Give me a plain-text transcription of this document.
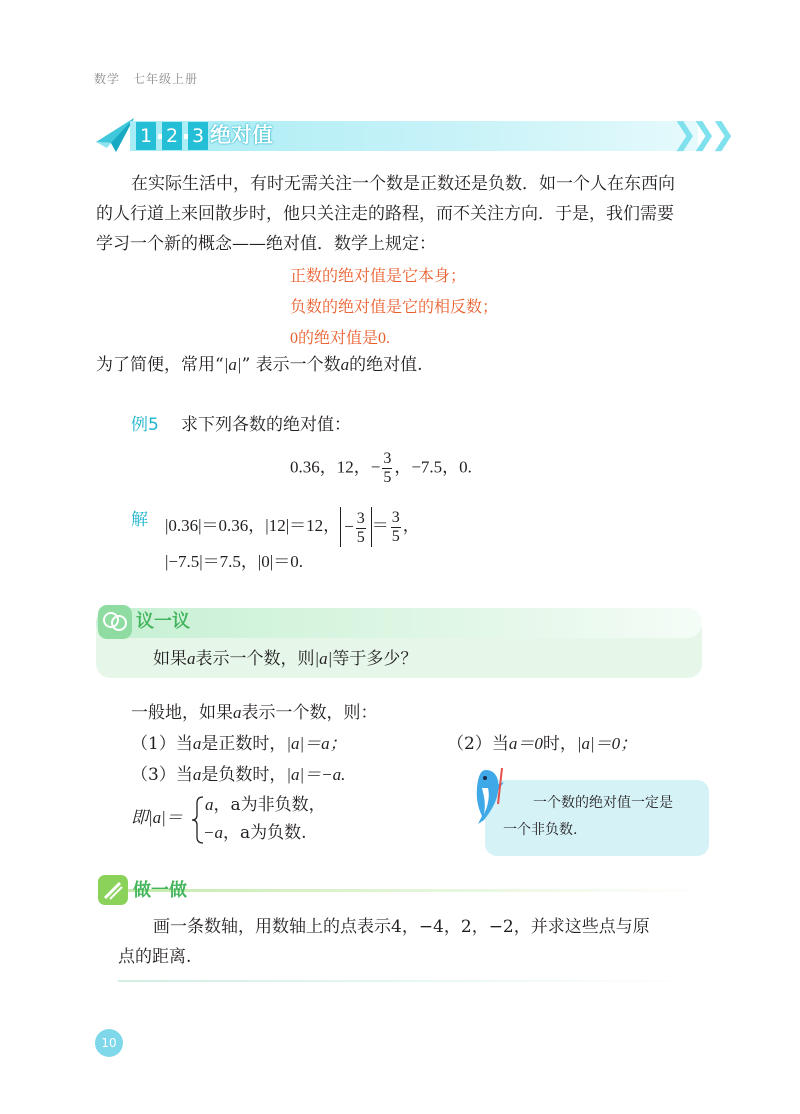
数学　七年级上册
1 2 3 绝对值	❯❯❯
在实际生活中，有时无需关注一个数是正数还是负数．如一个人在东西向
的人行道上来回散步时，他只关注走的路程，而不关注方向．于是，我们需要
学习一个新的概念——绝对值．数学上规定：
正数的绝对值是它本身；
负数的绝对值是它的相反数；
0的绝对值是0.
为了简便，常用“|a|” 表示一个数a的绝对值.
例5 求下列各数的绝对值：
0.36，12，− $\frac{3}{5}$ ，−7.5，0.
解 |0.36|＝0.36，|12|＝12， − $\frac{3}{5} = \frac{3}{5}$ ，
|−7.5|＝7.5，|0|＝0.
议一议
如果a表示一个数，则|a|等于多少？
一般地，如果a表示一个数，则：
（1）当a是正数时，|a|＝a；	（2）当a＝0时，|a|＝0；
（3）当a是负数时，|a|＝−a.
即|a|＝
a，a为非负数，
−a，a为负数.
一个数的绝对值一定是
一个非负数.
做一做
画一条数轴，用数轴上的点表示4，−4，2，−2，并求这些点与原
点的距离.
10
